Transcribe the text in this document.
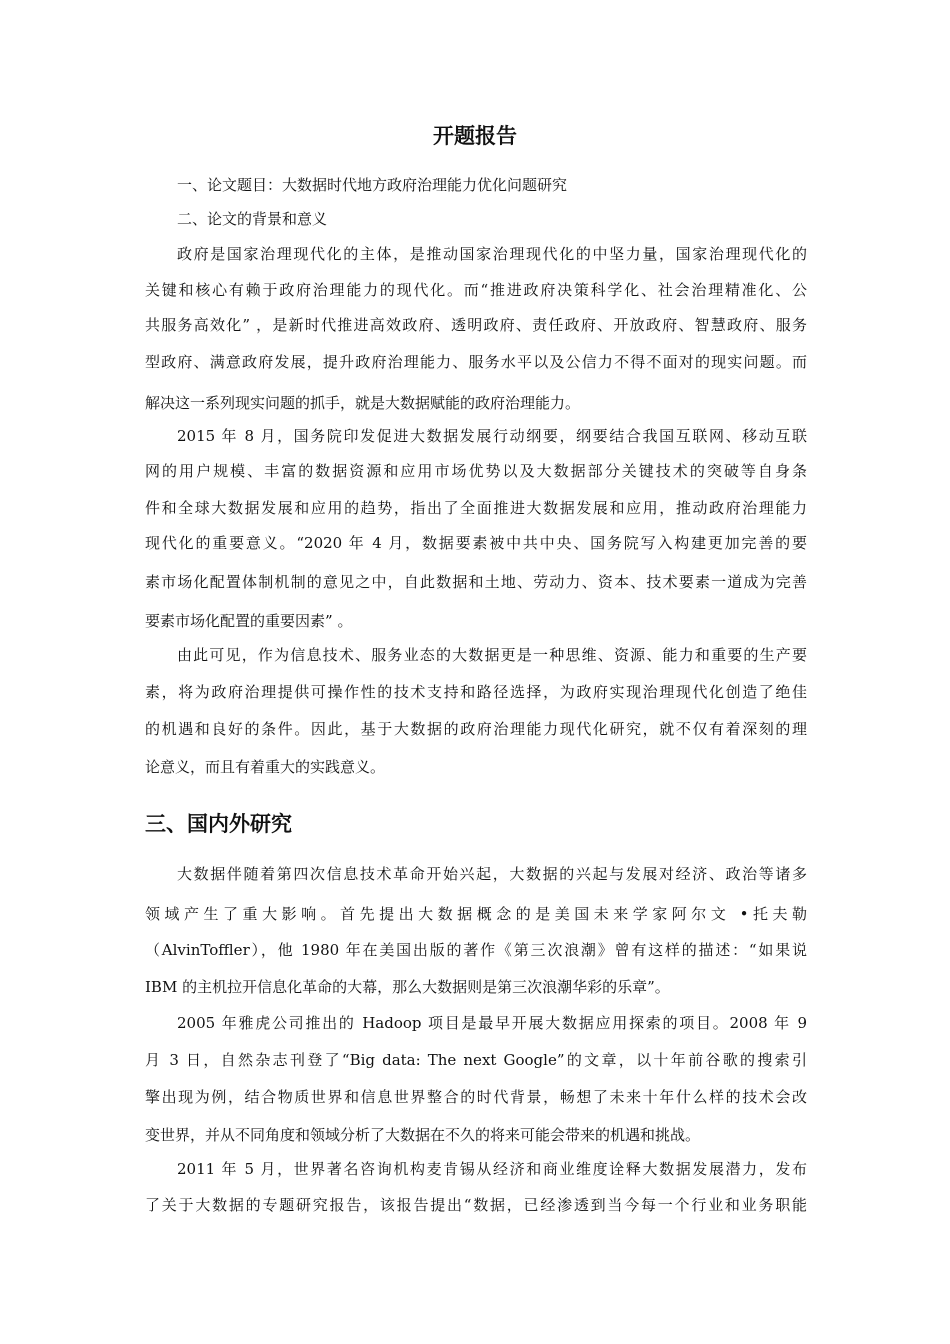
开题报告
一、论文题目：大数据时代地方政府治理能力优化问题研究
二、论文的背景和意义
政府是国家治理现代化的主体，是推动国家治理现代化的中坚力量，国家治理现代化的
关键和核心有赖于政府治理能力的现代化。而“推进政府决策科学化、社会治理精准化、公
共服务高效化” ，是新时代推进高效政府、透明政府、责任政府、开放政府、智慧政府、服务
型政府、满意政府发展，提升政府治理能力、服务水平以及公信力不得不面对的现实问题。而
解决这一系列现实问题的抓手，就是大数据赋能的政府治理能力。
2015 年 8 月，国务院印发促进大数据发展行动纲要，纲要结合我国互联网、移动互联
网的用户规模、丰富的数据资源和应用市场优势以及大数据部分关键技术的突破等自身条
件和全球大数据发展和应用的趋势，指出了全面推进大数据发展和应用，推动政府治理能力
现代化的重要意义。“2020 年 4 月，数据要素被中共中央、国务院写入构建更加完善的要
素市场化配置体制机制的意见之中，自此数据和土地、劳动力、资本、技术要素一道成为完善
要素市场化配置的重要因素” 。
由此可见，作为信息技术、服务业态的大数据更是一种思维、资源、能力和重要的生产要
素，将为政府治理提供可操作性的技术支持和路径选择，为政府实现治理现代化创造了绝佳
的机遇和良好的条件。因此，基于大数据的政府治理能力现代化研究，就不仅有着深刻的理
论意义，而且有着重大的实践意义。
三、国内外研究
大数据伴随着第四次信息技术革命开始兴起，大数据的兴起与发展对经济、政治等诸多
领域产生了重大影响。首先提出大数据概念的是美国未来学家阿尔文 •托夫勒
（AlvinToffler），他 1980 年在美国出版的著作《第三次浪潮》曾有这样的描述：“如果说
IBM 的主机拉开信息化革命的大幕，那么大数据则是第三次浪潮华彩的乐章”。
2005 年雅虎公司推出的 Hadoop 项目是最早开展大数据应用探索的项目。2008 年 9
月 3 日，自然杂志刊登了“Big data: The next Google”的文章，以十年前谷歌的搜索引
擎出现为例，结合物质世界和信息世界整合的时代背景，畅想了未来十年什么样的技术会改
变世界，并从不同角度和领域分析了大数据在不久的将来可能会带来的机遇和挑战。
2011 年 5 月，世界著名咨询机构麦肯锡从经济和商业维度诠释大数据发展潜力，发布
了关于大数据的专题研究报告，该报告提出“数据，已经渗透到当今每一个行业和业务职能
